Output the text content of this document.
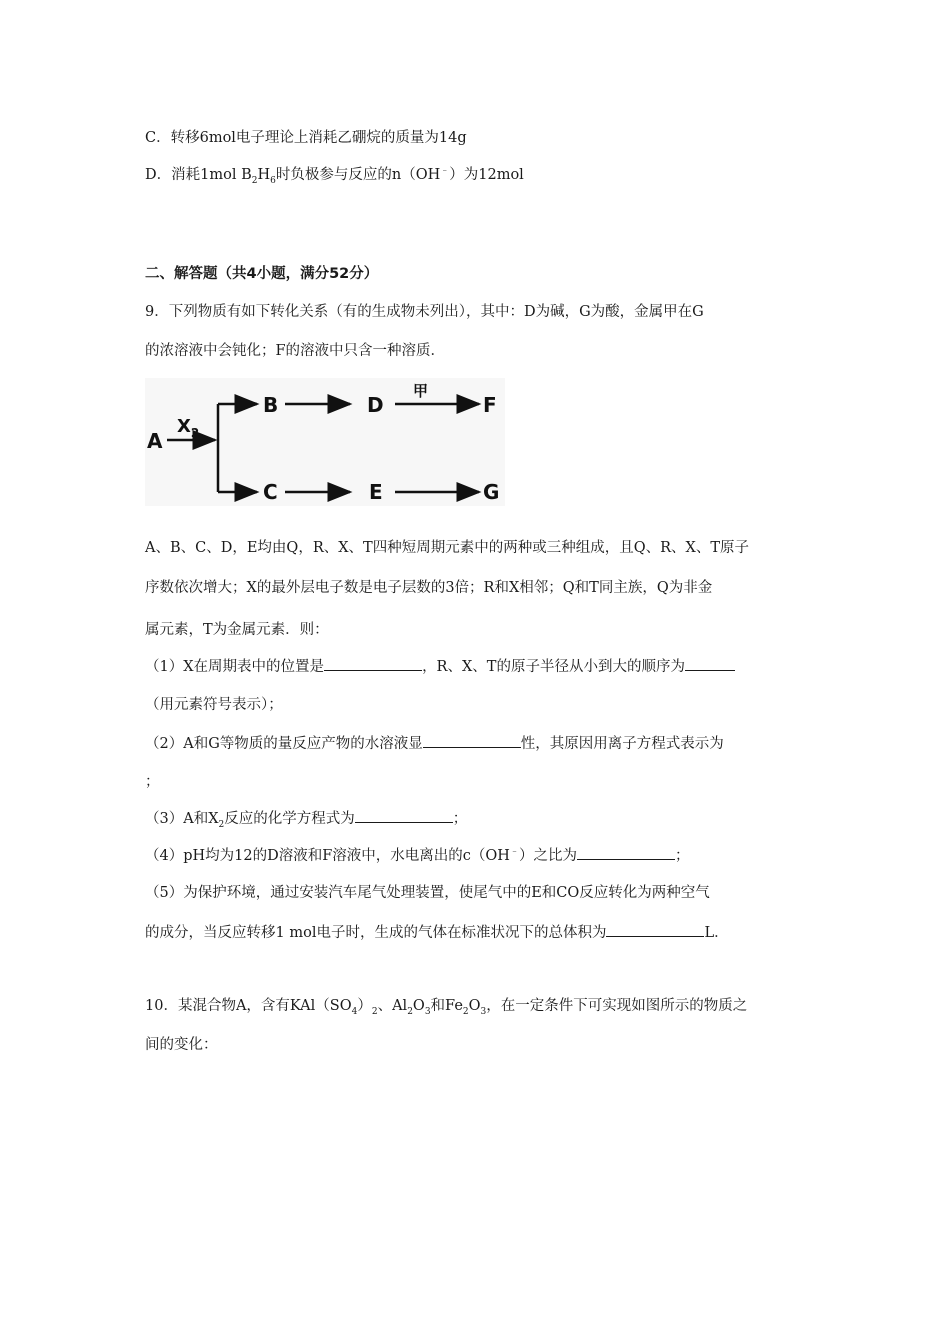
C．转移6mol电子理论上消耗乙硼烷的质量为14g
D．消耗1mol $B_2H_6$时负极参与反应的n（OH﹣）为12mol
二、解答题（共4小题，满分52分）
9．下列物质有如下转化关系（有的生成物未列出），其中：D为碱，G为酸，金属甲在G
的浓溶液中会钝化；F的溶液中只含一种溶质．
A
$X_2$
B	D
甲
F
C	E	G
A、B、C、D，E均由Q，R、X、T四种短周期元素中的两种或三种组成，且Q、R、X、T原子
序数依次增大；X的最外层电子数是电子层数的3倍；R和X相邻；Q和T同主族，Q为非金
属元素，T为金属元素．则：
（1）X在周期表中的位置是	，R、X、T的原子半径从小到大的顺序为
（用元素符号表示）；
（2）A和G等物质的量反应产物的水溶液显	性，其原因用离子方程式表示为
；
（3）A和$X_2$反应的化学方程式为	；
（4）pH均为12的D溶液和F溶液中，水电离出的c（OH﹣）之比为	；
（5）为保护环境，通过安装汽车尾气处理装置，使尾气中的E和CO反应转化为两种空气
的成分，当反应转移1 mol电子时，生成的气体在标准状况下的总体积为	L．
10．某混合物A，含有$KAl(SO_4)_2$、$Al_2O_3$和$Fe_2O_3$，在一定条件下可实现如图所示的物质之
间的变化：
